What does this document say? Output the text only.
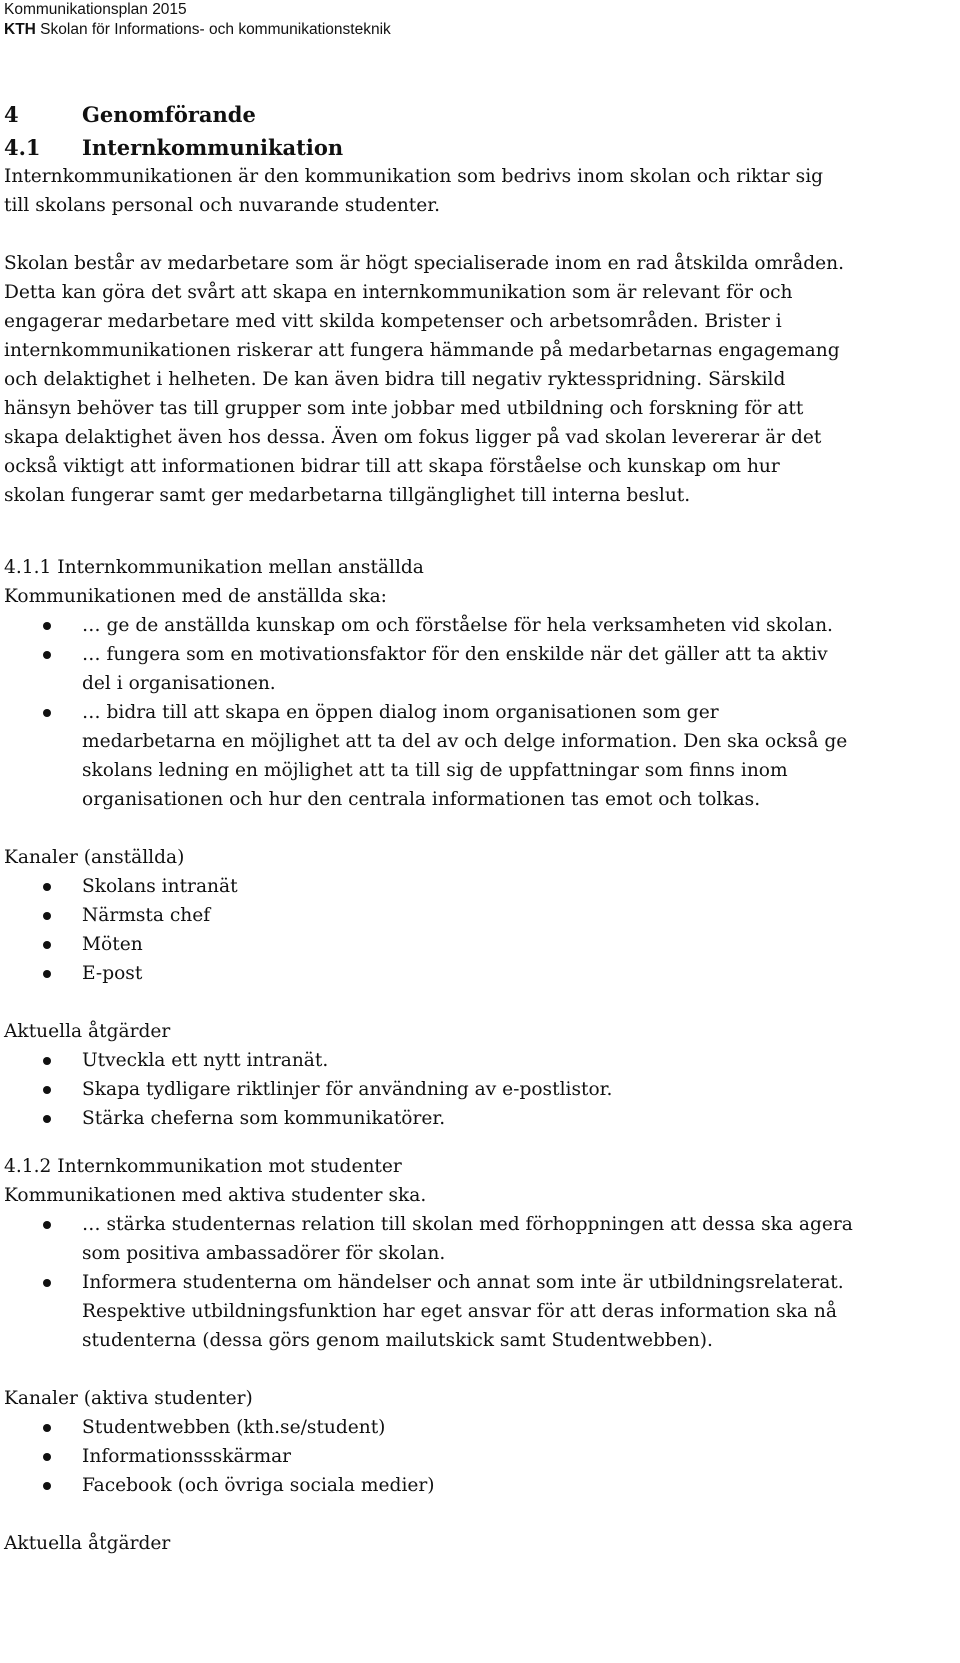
Kommunikationsplan 2015
KTH Skolan för Informations- och kommunikationsteknik
4	Genomförande
4.1 Internkommunikation

Internkommunikationen är den kommunikation som bedrivs inom skolan och riktar sig
till skolans personal och nuvarande studenter.

Skolan består av medarbetare som är högt specialiserade inom en rad åtskilda områden.
Detta kan göra det svårt att skapa en internkommunikation som är relevant för och
engagerar medarbetare med vitt skilda kompetenser och arbetsområden. Brister i
internkommunikationen riskerar att fungera hämmande på medarbetarnas engagemang
och delaktighet i helheten. De kan även bidra till negativ ryktesspridning. Särskild
hänsyn behöver tas till grupper som inte jobbar med utbildning och forskning för att
skapa delaktighet även hos dessa. Även om fokus ligger på vad skolan levererar är det
också viktigt att informationen bidrar till att skapa förståelse och kunskap om hur
skolan fungerar samt ger medarbetarna tillgänglighet till interna beslut.

4.1.1 Internkommunikation mellan anställda

Kommunikationen med de anställda ska:

… ge de anställda kunskap om och förståelse för hela verksamheten vid skolan.
… fungera som en motivationsfaktor för den enskilde när det gäller att ta aktiv
del i organisationen.
… bidra till att skapa en öppen dialog inom organisationen som ger
medarbetarna en möjlighet att ta del av och delge information. Den ska också ge
skolans ledning en möjlighet att ta till sig de uppfattningar som finns inom
organisationen och hur den centrala informationen tas emot och tolkas.

Kanaler (anställda)

Skolans intranät
Närmsta chef
Möten
E-post

Aktuella åtgärder

Utveckla ett nytt intranät.
Skapa tydligare riktlinjer för användning av e-postlistor.
Stärka cheferna som kommunikatörer.

4.1.2 Internkommunikation mot studenter

Kommunikationen med aktiva studenter ska.

… stärka studenternas relation till skolan med förhoppningen att dessa ska agera
som positiva ambassadörer för skolan.
Informera studenterna om händelser och annat som inte är utbildningsrelaterat.
Respektive utbildningsfunktion har eget ansvar för att deras information ska nå
studenterna (dessa görs genom mailutskick samt Studentwebben).

Kanaler (aktiva studenter)

Studentwebben (kth.se/student)
Informationssskärmar
Facebook (och övriga sociala medier)

Aktuella åtgärder
